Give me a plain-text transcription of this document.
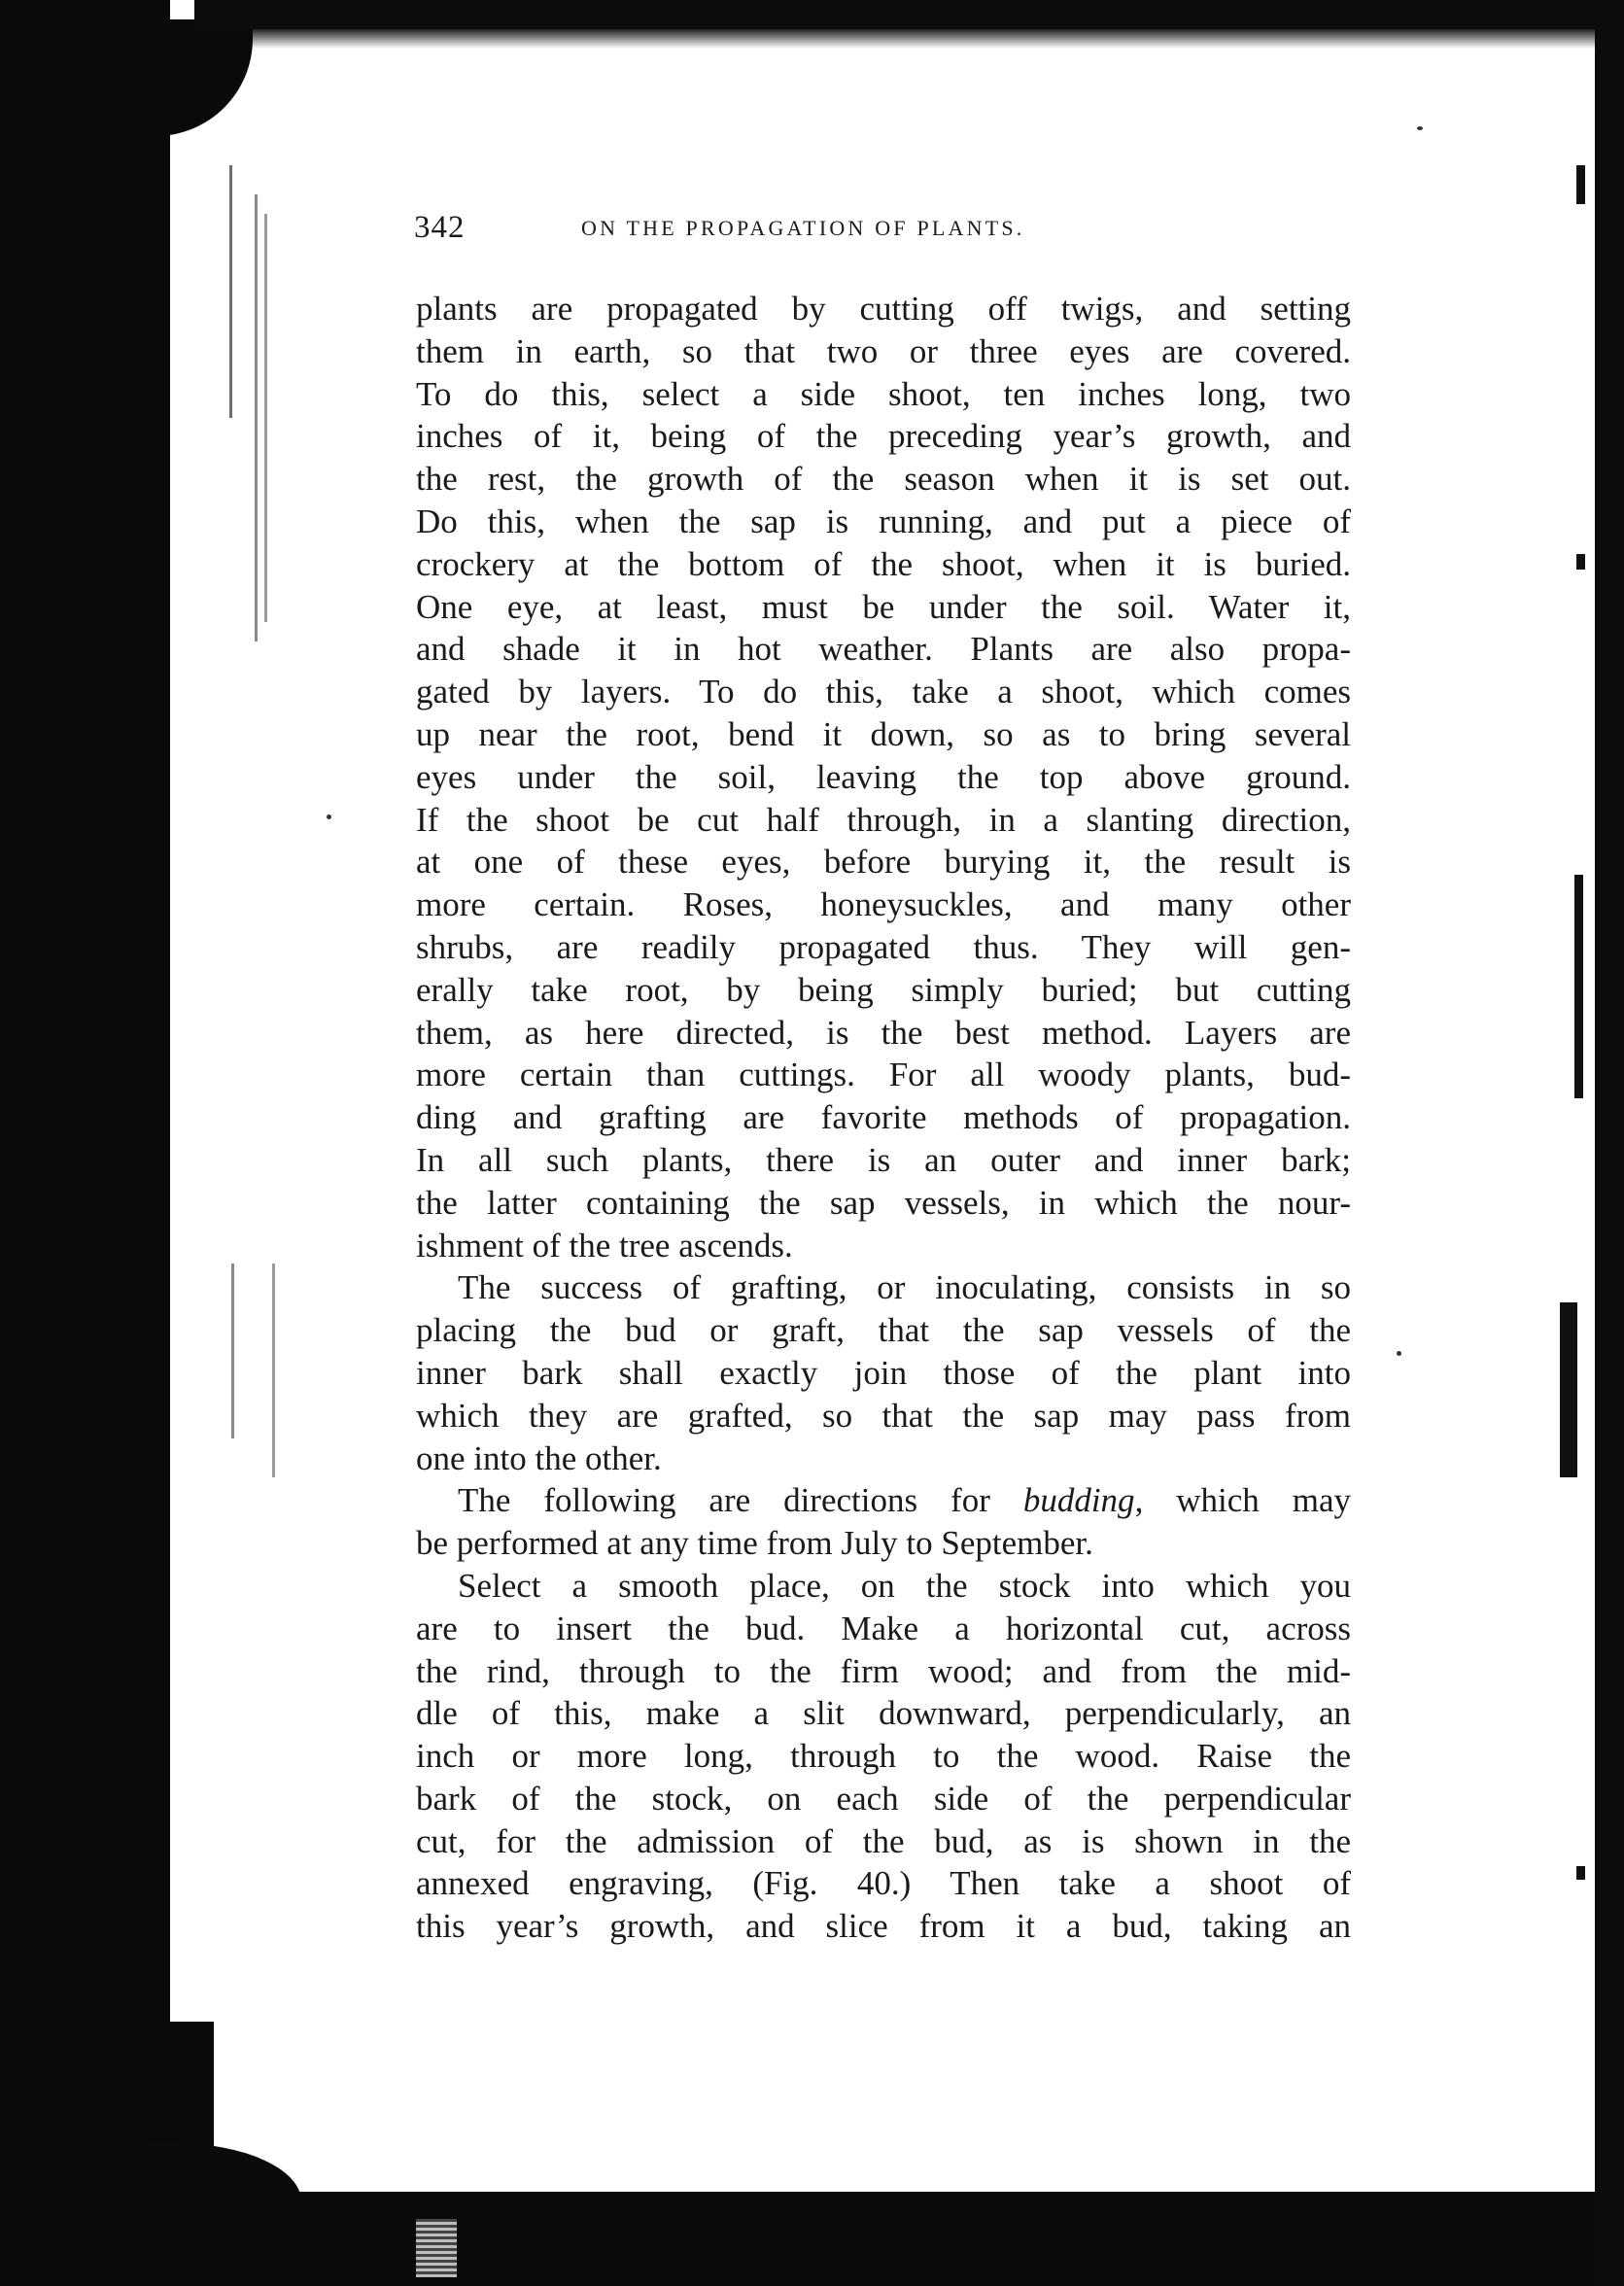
342	ON THE PROPAGATION OF PLANTS.
plants are propagated by cutting off twigs, and setting
them in earth, so that two or three eyes are covered.
To do this, select a side shoot, ten inches long, two
inches of it, being of the preceding year’s growth, and
the rest, the growth of the season when it is set out.
Do this, when the sap is running, and put a piece of
crockery at the bottom of the shoot, when it is buried.
One eye, at least, must be under the soil. Water it,
and shade it in hot weather. Plants are also propa-
gated by layers. To do this, take a shoot, which comes
up near the root, bend it down, so as to bring several
eyes under the soil, leaving the top above ground.
If the shoot be cut half through, in a slanting direction,
at one of these eyes, before burying it, the result is
more certain. Roses, honeysuckles, and many other
shrubs, are readily propagated thus. They will gen-
erally take root, by being simply buried; but cutting
them, as here directed, is the best method. Layers are
more certain than cuttings. For all woody plants, bud-
ding and grafting are favorite methods of propagation.
In all such plants, there is an outer and inner bark;
the latter containing the sap vessels, in which the nour-
ishment of the tree ascends.
The success of grafting, or inoculating, consists in so
placing the bud or graft, that the sap vessels of the
inner bark shall exactly join those of the plant into
which they are grafted, so that the sap may pass from
one into the other.
The following are directions for budding, which may
be performed at any time from July to September.
Select a smooth place, on the stock into which you
are to insert the bud. Make a horizontal cut, across
the rind, through to the firm wood; and from the mid-
dle of this, make a slit downward, perpendicularly, an
inch or more long, through to the wood. Raise the
bark of the stock, on each side of the perpendicular
cut, for the admission of the bud, as is shown in the
annexed engraving, (Fig. 40.) Then take a shoot of
this year’s growth, and slice from it a bud, taking an
